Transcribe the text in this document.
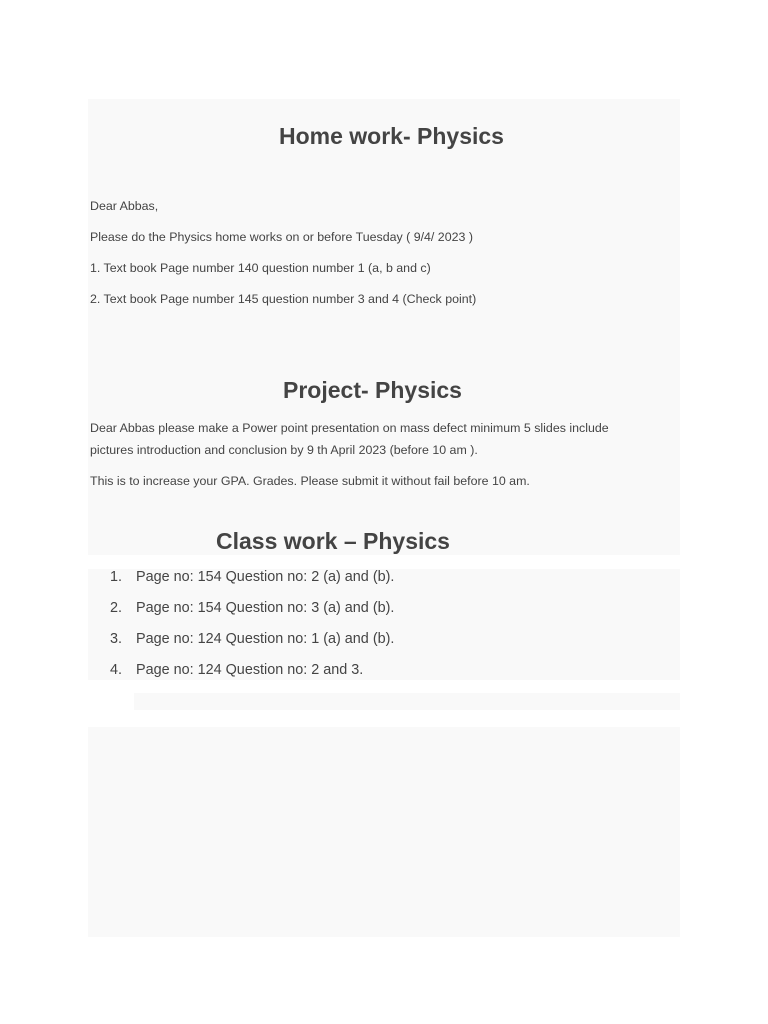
Home work- Physics

Dear Abbas,

Please do the Physics home works on or before Tuesday ( 9/4/ 2023 )

1. Text book Page number 140 question number 1 (a, b and c)

2. Text book Page number 145 question number 3 and 4 (Check point)

Project- Physics

Dear Abbas please make a Power point presentation on mass defect minimum 5 slides include

pictures introduction and conclusion by 9 th April 2023 (before 10 am ).

This is to increase your GPA. Grades. Please submit it without fail before 10 am.

Class work – Physics
1. Page no: 154 Question no: 2 (a) and (b).
2. Page no: 154 Question no: 3 (a) and (b).
3. Page no: 124 Question no: 1 (a) and (b).
4. Page no: 124 Question no: 2 and 3.
